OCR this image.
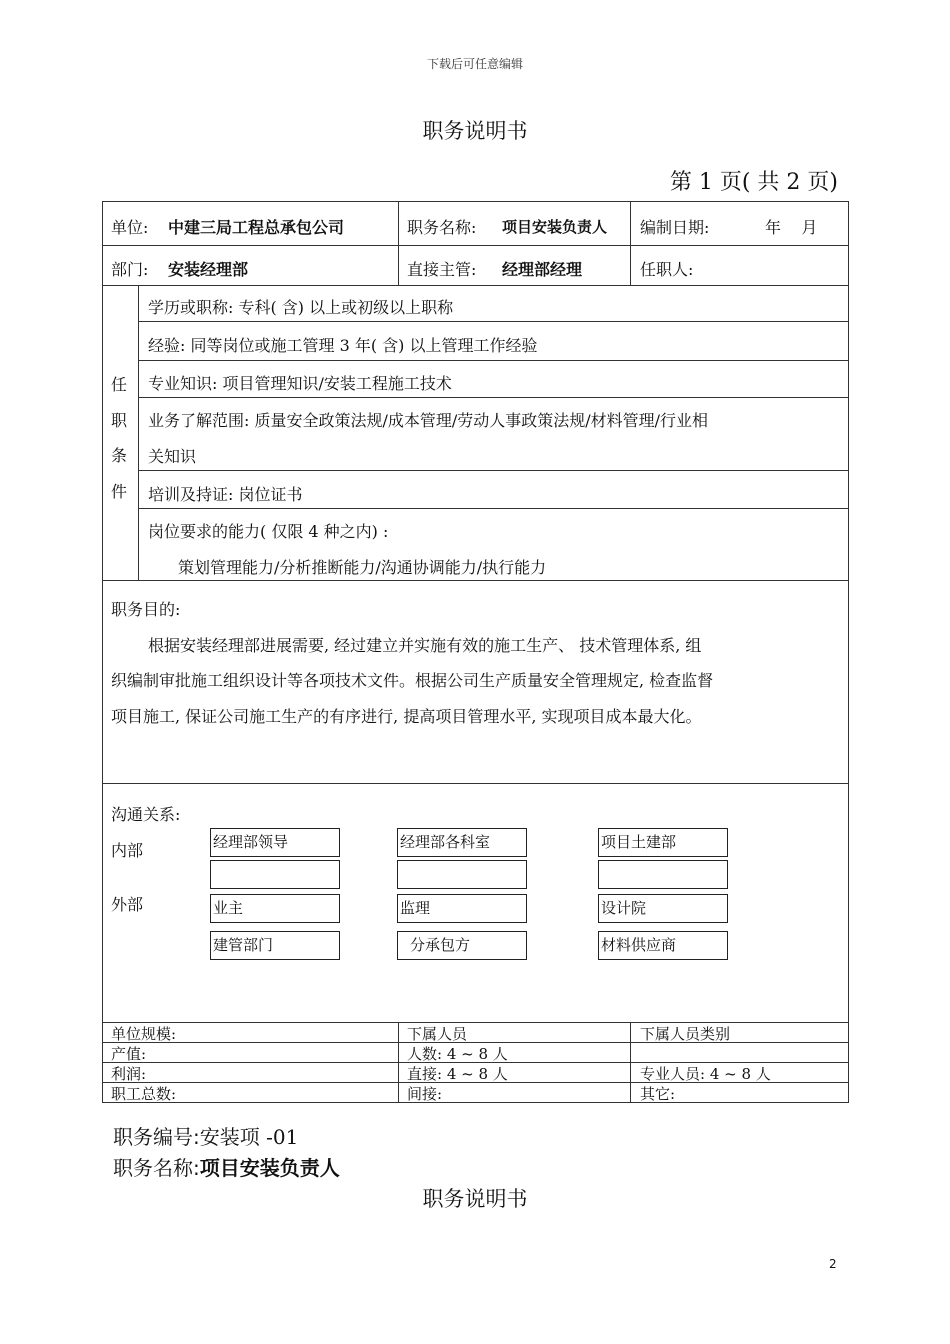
下载后可任意编辑
职务说明书
第 1 页( 共 2 页)
单位: 中建三局工程总承包公司	职务名称: 项目安装负责人 编制日期:	年    月
部门: 安装经理部	直接主管: 经理部经理	任职人:
任
职
条
件
学历或职称: 专科( 含) 以上或初级以上职称
经验: 同等岗位或施工管理 3 年( 含) 以上管理工作经验
专业知识: 项目管理知识/安装工程施工技术
业务了解范围: 质量安全政策法规/成本管理/劳动人事政策法规/材料管理/行业相
关知识
培训及持证: 岗位证书
岗位要求的能力( 仅限 4 种之内) :
策划管理能力/分析推断能力/沟通协调能力/执行能力
职务目的:
根据安装经理部进展需要, 经过建立并实施有效的施工生产、 技术管理体系, 组
织编制审批施工组织设计等各项技术文件。根据公司生产质量安全管理规定, 检查监督
项目施工, 保证公司施工生产的有序进行, 提高项目管理水平, 实现项目成本最大化。
沟通关系:
内部
外部
经理部领导	经理部各科室	项目土建部
业主	监理	设计院
建管部门	分承包方	材料供应商
单位规模:	下属人员	下属人员类别
产值:	人数: 4 ~ 8 人
利润:	直接: 4 ~ 8 人	专业人员: 4 ~ 8 人
职工总数:	间接:	其它:
职务编号:安装项 -01
职务名称:项目安装负责人
职务说明书
2
